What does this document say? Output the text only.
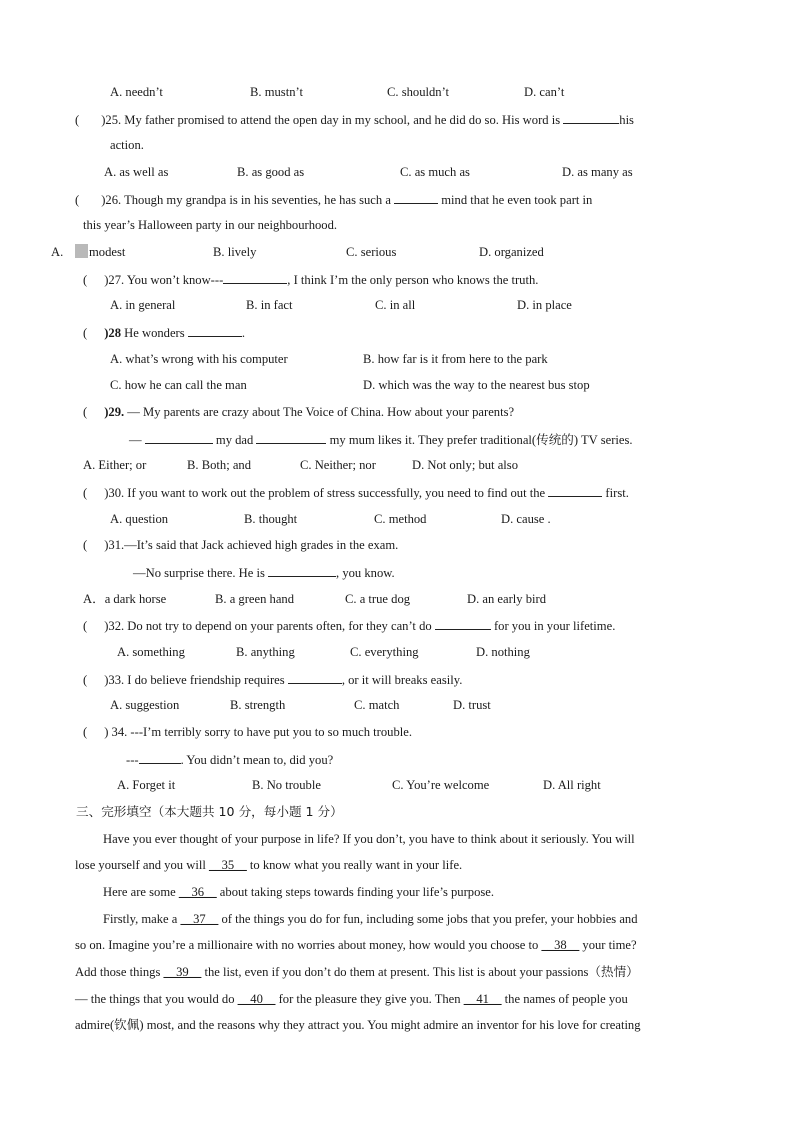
A. needn’t	B. mustn’t	C. shouldn’t	D. can’t
( )25. My father promised to attend the open day in my school, and he did do so. His word is	his
action.
A. as well as	B. as good as	C. as much as	D. as many as
( )26. Though my grandpa is in his seventies, he has such a	mind that he even took part in
this year’s Halloween party in our neighbourhood.
A.	modest	B. lively	C. serious	D. organized
( )27. You won’t know---	, I think I’m the only person who knows the truth.
A. in general	B. in fact	C. in all	D. in place
( )28 He wonders	.
A. what’s wrong with his computer	B. how far is it from here to the park
C. how he can call the man	D. which was the way to the nearest bus stop
( )29. — My parents are crazy about The Voice of China. How about your parents?
—	my dad	my mum likes it. They prefer traditional(传统的) TV series.
A. Either; or	B. Both; and	C. Neither; nor	D. Not only; but also
( )30. If you want to work out the problem of stress successfully, you need to find out the	first.
A. question	B. thought	C. method	D. cause .
( )31.—It’s said that Jack achieved high grades in the exam.
—No surprise there. He is	, you know.
A．a dark horse	B. a green hand	C. a true dog	D. an early bird
( )32. Do not try to depend on your parents often, for they can’t do	for you in your lifetime.
A. something	B. anything	C. everything	D. nothing
( )33. I do believe friendship requires	, or it will breaks easily.
A. suggestion	B. strength	C. match	D. trust
( ) 34. ---I’m terribly sorry to have put you to so much trouble.
---	. You didn’t mean to, did you?
A. Forget it	B. No trouble	C. You’re welcome	D. All right
三、完形填空（本大题共 10 分，每小题 1 分）
Have you ever thought of your purpose in life? If you don’t, you have to think about it seriously. You will
lose yourself and you will __35__ to know what you really want in your life.
Here are some __36__ about taking steps towards finding your life’s purpose.
Firstly, make a __37__ of the things you do for fun, including some jobs that you prefer, your hobbies and
so on. Imagine you’re a millionaire with no worries about money, how would you choose to __38__ your time?
Add those things __39__ the list, even if you don’t do them at present. This list is about your passions（热情）
— the things that you would do __40__ for the pleasure they give you. Then __41__ the names of people you
admire(钦佩) most, and the reasons why they attract you. You might admire an inventor for his love for creating
